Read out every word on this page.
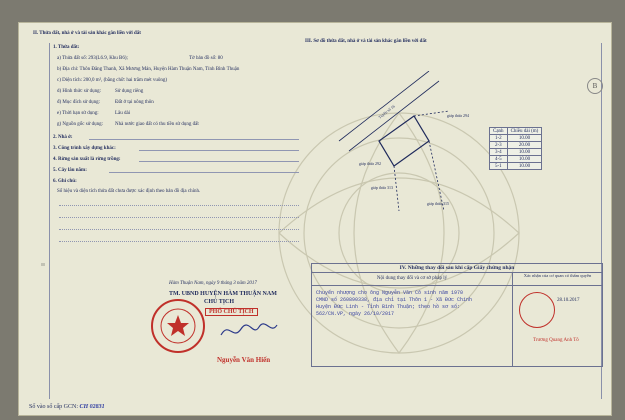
II. Thửa đất, nhà ở và tài sản khác gắn liền với đất
1. Thửa đất:
a) Thửa đất số: 293(L6.9, Khu B6);	Tờ bản đồ số: 80
b) Địa chỉ: Thôn Đăng Thanh, Xã Mương Mán, Huyện Hàm Thuận Nam, Tỉnh Bình Thuận
c) Diện tích: 200,0 m², (bằng chữ: hai trăm mét vuông)
d) Hình thức sử dụng:	Sử dụng riêng
đ) Mục đích sử dụng:	Đất ở tại nông thôn
e) Thời hạn sử dụng:	Lâu dài
g) Nguồn gốc sử dụng: Nhà nước giao đất có thu tiền sử dụng đất
2. Nhà ở:
3. Công trình xây dựng khác:
4. Rừng sản xuất là rừng trồng:
5. Cây lâu năm:
6. Ghi chú:
Số hiệu và diện tích thửa đất chưa được xác định theo bản đồ địa chính.
Hàm Thuận Nam, ngày 9 tháng 3 năm 2017
TM. UBND HUYỆN HÀM THUẬN NAM
CHỦ TỊCH
PHÓ CHỦ TỊCH
Nguyễn Văn Hiến
Số vào sổ cấp GCN: CH 02831
|||
III. Sơ đồ thửa đất, nhà ở và tài sản khác gắn liền với đất
B
Tuyến số 16	giáp thửa 294
giáp thửa 292
giáp thửa 313
giáp thửa 315
Cạnh	Chiều dài (m)
1-2	10.00
2-3	20.00
3-4	10.00
4-5	10.00
5-1	10.00
IV. Những thay đổi sau khi cấp Giấy chứng nhận
Nội dung thay đổi và cơ sở pháp lý
Xác nhận của cơ quan có thẩm quyền
Chuyển nhượng cho ông Nguyễn Văn Cô sinh năm 1970
CMND số 260890338, địa chỉ tại Thôn 1 - Xã Đức Chính
Huyện Đức Linh - Tỉnh Bình Thuận; theo hồ sơ số:
562/CN.VP, ngày 26/10/2017
28.10.2017
Trương Quang Anh Tô
